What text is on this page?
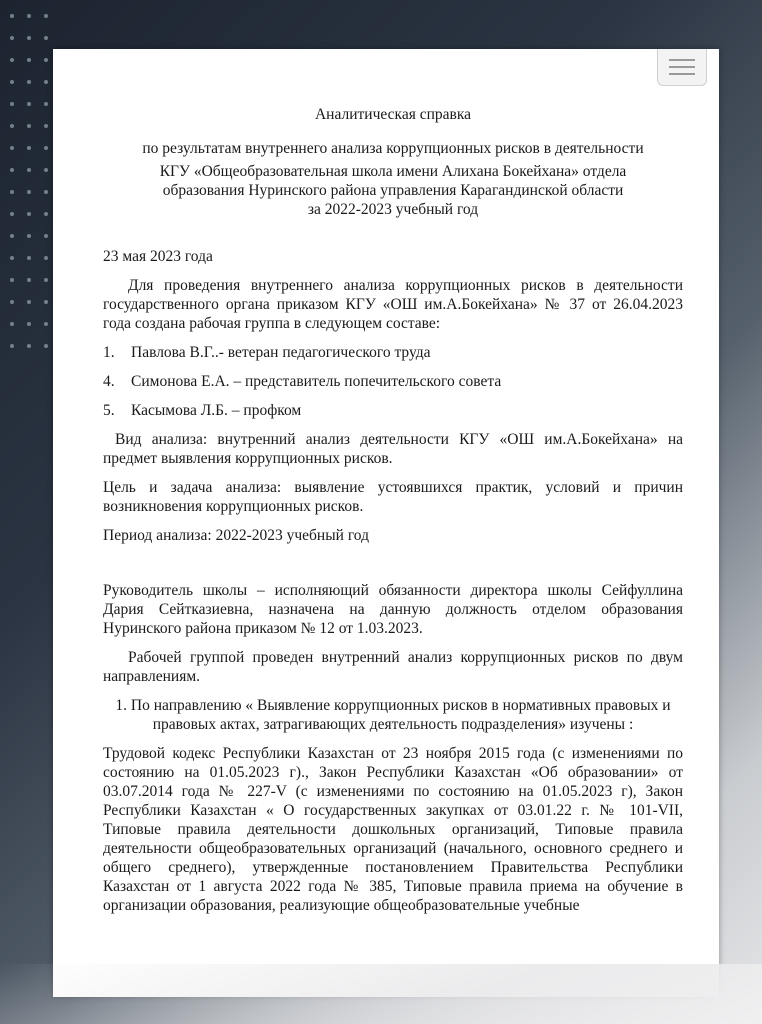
Аналитическая справка

по результатам внутреннего анализа коррупционных рисков в деятельности

КГУ «Общеобразовательная школа имени Алихана Бокейхана» отдела

образования Нуринского района управления Карагандинской области

за 2022-2023 учебный год

23 мая 2023 года

Для проведения внутреннего анализа коррупционных рисков в деятельности государственного органа приказом КГУ «ОШ им.А.Бокейхана» № 37 от 26.04.2023 года создана рабочая группа в следующем составе:

1.	Павлова В.Г..- ветеран педагогического труда
4.	Симонова Е.А. – представитель попечительского совета
5.	Касымова Л.Б. – профком

Вид анализа: внутренний анализ деятельности КГУ «ОШ им.А.Бокейхана» на предмет выявления коррупционных рисков.

Цель и задача анализа: выявление устоявшихся практик, условий и причин возникновения коррупционных рисков.

Период анализа: 2022-2023 учебный год

Руководитель школы – исполняющий обязанности директора школы Сейфуллина Дария Сейтказиевна, назначена на данную должность отделом образования Нуринского района приказом № 12 от 1.03.2023.

Рабочей группой проведен внутренний анализ коррупционных рисков по двум направлениям.

1. По направлению « Выявление коррупционных рисков в нормативных правовых и правовых актах, затрагивающих деятельность подразделения» изучены :

Трудовой кодекс Республики Казахстан от 23 ноября 2015 года (с изменениями по состоянию на 01.05.2023 г)., Закон Республики Казахстан «Об образовании» от 03.07.2014 года № 227-V (с изменениями по состоянию на 01.05.2023 г), Закон Республики Казахстан « О государственных закупках от 03.01.22 г. № 101-VII, Типовые правила деятельности дошкольных организаций, Типовые правила деятельности общеобразовательных организаций (начального, основного среднего и общего среднего), утвержденные постановлением Правительства Республики Казахстан от 1 августа 2022 года № 385, Типовые правила приема на обучение в организации образования, реализующие общеобразовательные учебные
